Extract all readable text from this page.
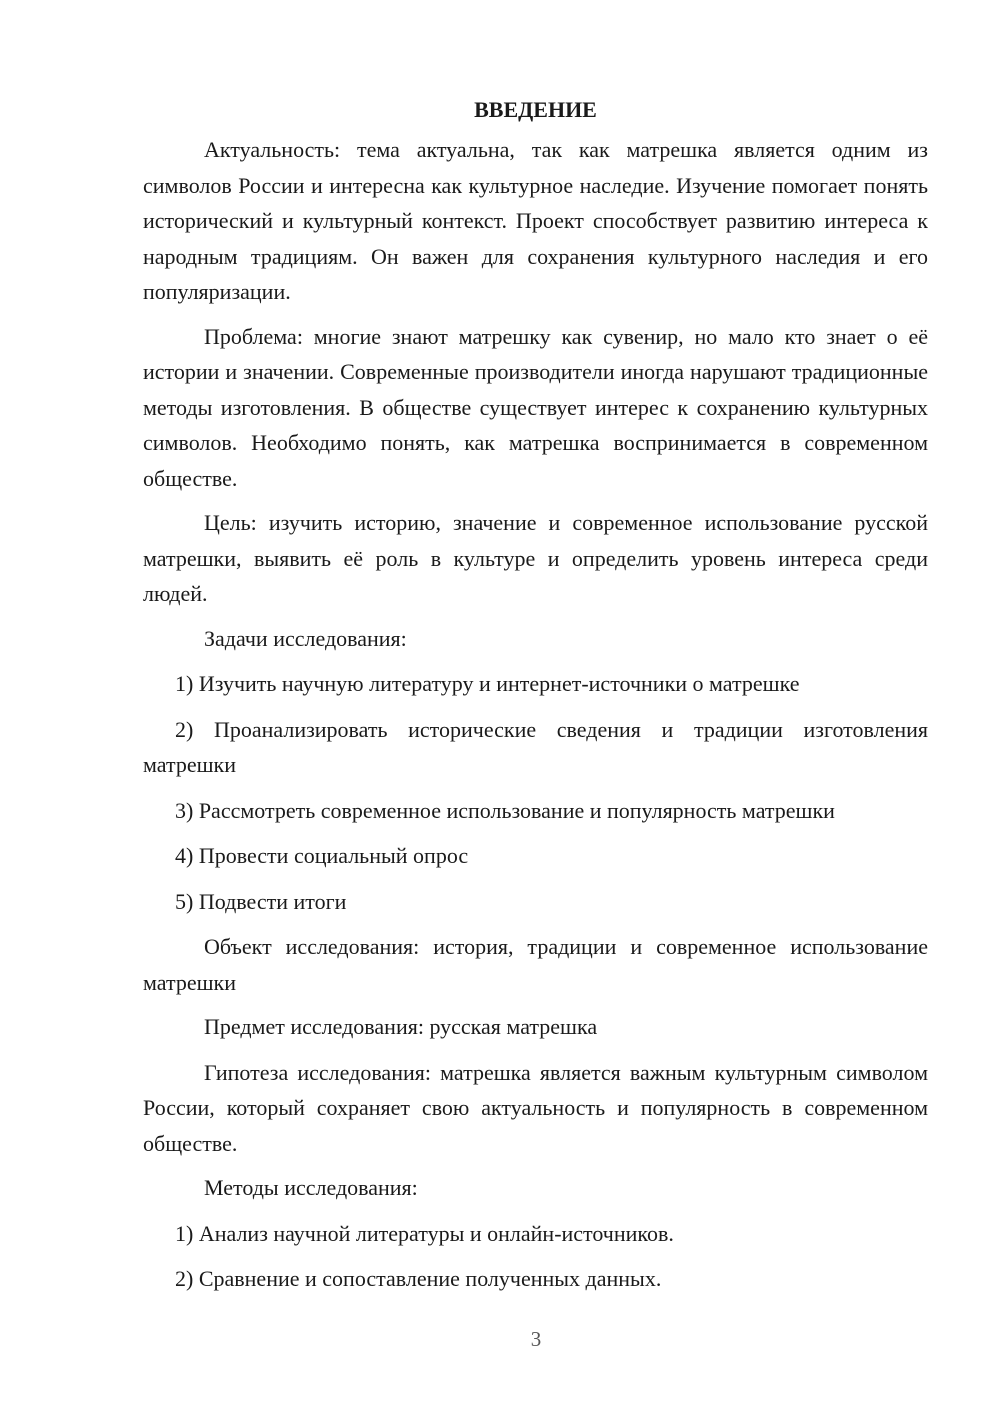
ВВЕДЕНИЕ

Актуальность: тема актуальна, так как матрешка является одним из символов России и интересна как культурное наследие. Изучение помогает понять исторический и культурный контекст. Проект способствует развитию интереса к народным традициям. Он важен для сохранения культурного наследия и его популяризации.

Проблема: многие знают матрешку как сувенир, но мало кто знает о её истории и значении. Современные производители иногда нарушают традиционные методы изготовления. В обществе существует интерес к сохранению культурных символов. Необходимо понять, как матрешка воспринимается в современном обществе.

Цель: изучить историю, значение и современное использование русской матрешки, выявить её роль в культуре и определить уровень интереса среди людей.

Задачи исследования:

1) Изучить научную литературу и интернет-источники о матрешке

2) Проанализировать исторические сведения и традиции изготовления матрешки

3) Рассмотреть современное использование и популярность матрешки

4) Провести социальный опрос

5) Подвести итоги

Объект исследования: история, традиции и современное использование матрешки

Предмет исследования: русская матрешка

Гипотеза исследования: матрешка является важным культурным символом России, который сохраняет свою актуальность и популярность в современном обществе.

Методы исследования:

1) Анализ научной литературы и онлайн-источников.

2) Сравнение и сопоставление полученных данных.

3
